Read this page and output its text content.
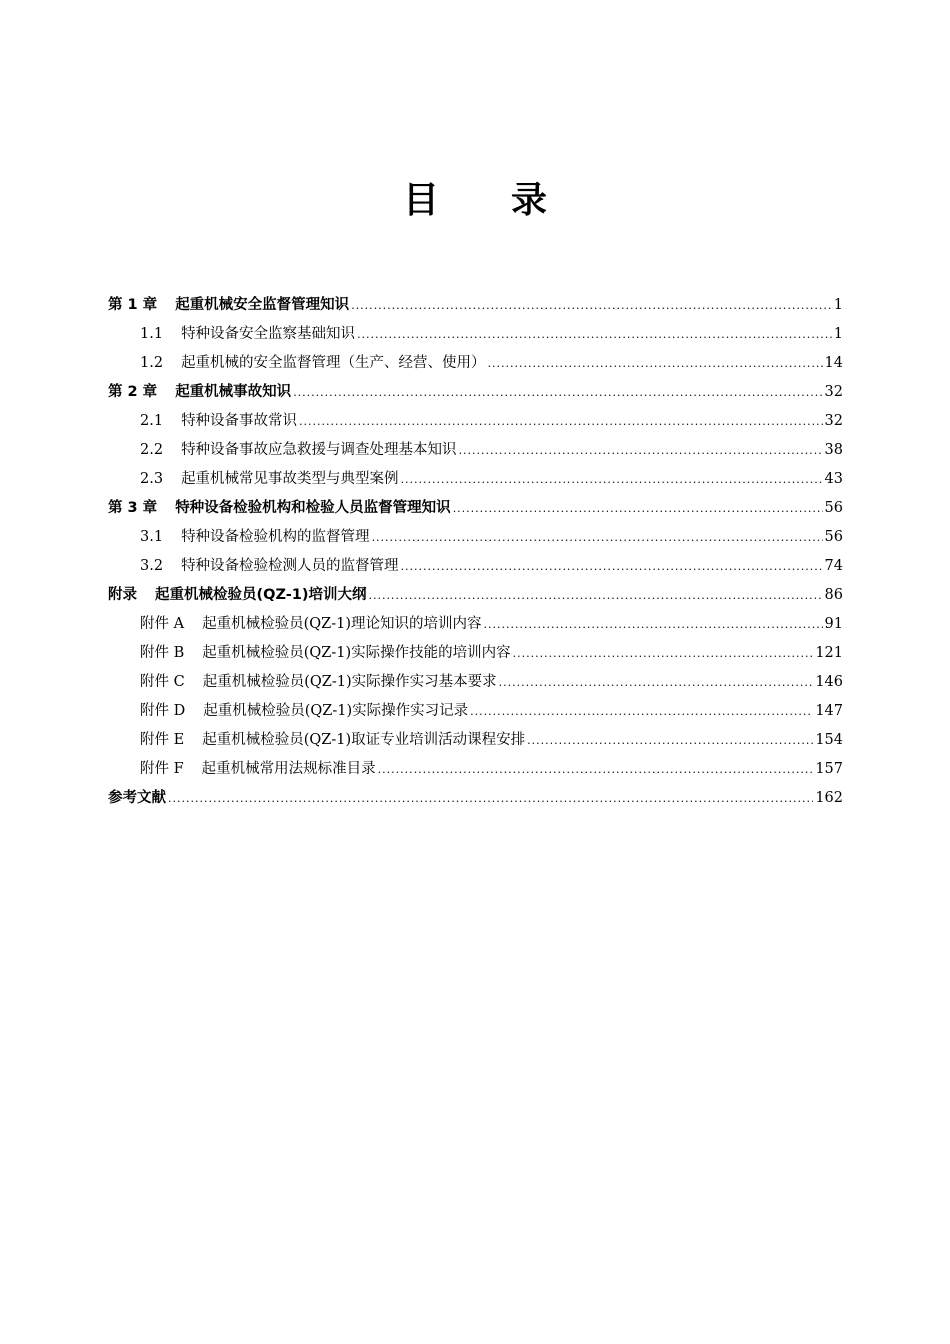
目　　录
第 1 章 起重机械安全监督管理知识 .....	1
1.1 特种设备安全监察基础知识 .....	1
1.2 起重机械的安全监督管理（生产、经营、使用） .....	14
第 2 章 起重机械事故知识 .....	32
2.1 特种设备事故常识 .....	32
2.2 特种设备事故应急救援与调查处理基本知识 .....	38
2.3 起重机械常见事故类型与典型案例 .....	43
第 3 章 特种设备检验机构和检验人员监督管理知识 .....	56
3.1 特种设备检验机构的监督管理 .....	56
3.2 特种设备检验检测人员的监督管理 .....	74
附录 起重机械检验员(QZ-1)培训大纲 .....	86
附件 A 起重机械检验员(QZ-1)理论知识的培训内容 .....	91
附件 B 起重机械检验员(QZ-1)实际操作技能的培训内容 .....	121
附件 C 起重机械检验员(QZ-1)实际操作实习基本要求 .....	146
附件 D 起重机械检验员(QZ-1)实际操作实习记录 .....	147
附件 E 起重机械检验员(QZ-1)取证专业培训活动课程安排 .....	154
附件 F 起重机械常用法规标准目录 .....	157
参考文献 .....	162
